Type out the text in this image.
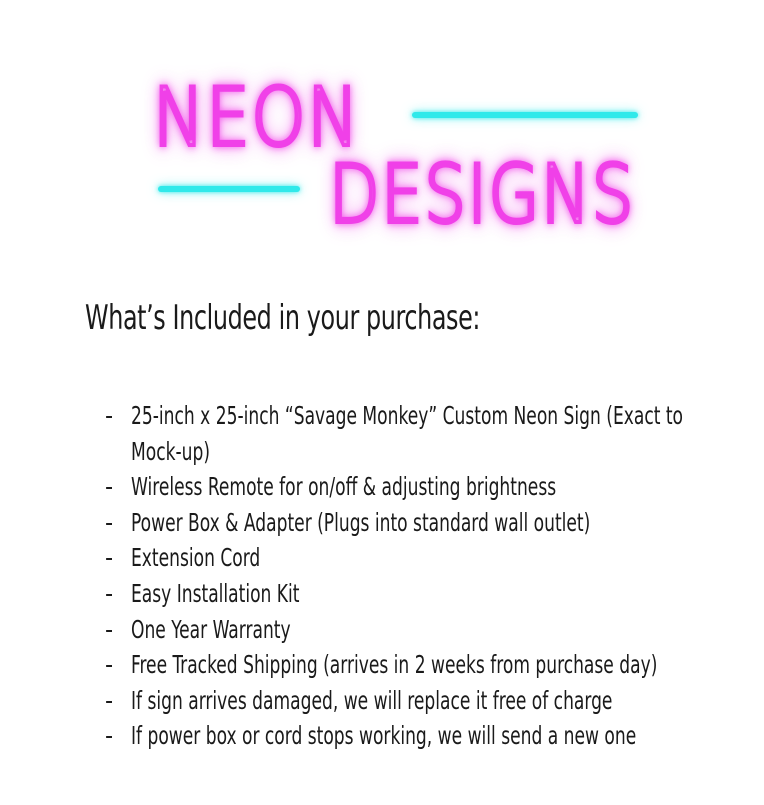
NEON
DESIGNS
What’s Included in your purchase:
- 25-inch x 25-inch “Savage Monkey” Custom Neon Sign (Exact to Mock-up)
- Wireless Remote for on/off & adjusting brightness
- Power Box & Adapter (Plugs into standard wall outlet)
- Extension Cord
- Easy Installation Kit
- One Year Warranty
- Free Tracked Shipping (arrives in 2 weeks from purchase day)
- If sign arrives damaged, we will replace it free of charge
- If power box or cord stops working, we will send a new one
